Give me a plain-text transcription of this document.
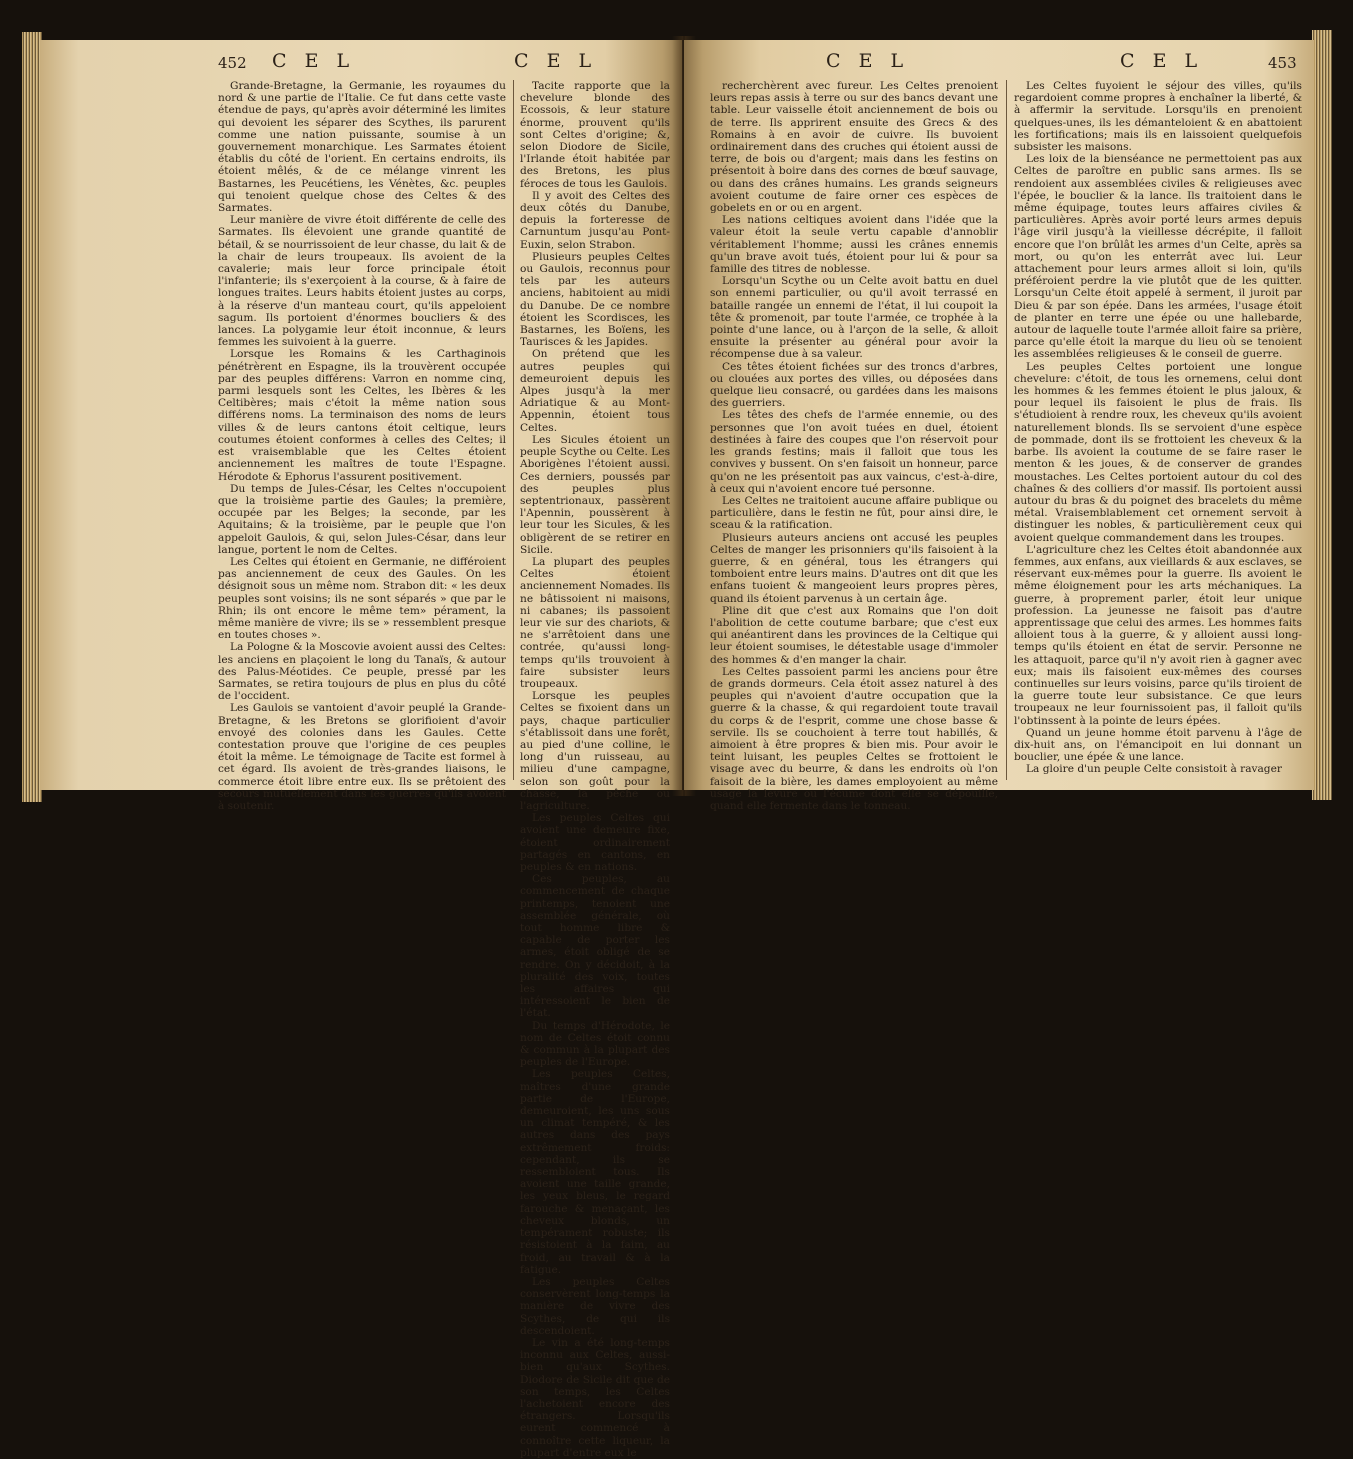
452 C E L	C E L

Grande-Bretagne, la Germanie, les royaumes du nord & une partie de l'Italie. Ce fut dans cette vaste étendue de pays, qu'après avoir déterminé les limites qui devoient les séparer des Scythes, ils parurent comme une nation puissante, soumise à un gouvernement monarchique. Les Sarmates étoient établis du côté de l'orient. En certains endroits, ils étoient mêlés, & de ce mélange vinrent les Bastarnes, les Peucétiens, les Vénètes, &c. peuples qui tenoient quelque chose des Celtes & des Sarmates.

Leur manière de vivre étoit différente de celle des Sarmates. Ils élevoient une grande quantité de bétail, & se nourrissoient de leur chasse, du lait & de la chair de leurs troupeaux. Ils avoient de la cavalerie; mais leur force principale étoit l'infanterie; ils s'exerçoient à la course, & à faire de longues traites. Leurs habits étoient justes au corps, à la réserve d'un manteau court, qu'ils appeloient sagum. Ils portoient d'énormes boucliers & des lances. La polygamie leur étoit inconnue, & leurs femmes les suivoient à la guerre.

Lorsque les Romains & les Carthaginois pénétrèrent en Espagne, ils la trouvèrent occupée par des peuples différens: Varron en nomme cinq, parmi lesquels sont les Celtes, les Ibères & les Celtibères; mais c'étoit la même nation sous différens noms. La terminaison des noms de leurs villes & de leurs cantons étoit celtique, leurs coutumes étoient conformes à celles des Celtes; il est vraisemblable que les Celtes étoient anciennement les maîtres de toute l'Espagne. Hérodote & Ephorus l'assurent positivement.

Du temps de Jules-César, les Celtes n'occupoient que la troisième partie des Gaules; la première, occupée par les Belges; la seconde, par les Aquitains; & la troisième, par le peuple que l'on appeloit Gaulois, & qui, selon Jules-César, dans leur langue, portent le nom de Celtes.

Les Celtes qui étoient en Germanie, ne différoient pas anciennement de ceux des Gaules. On les désignoit sous un même nom. Strabon dit: « les deux peuples sont voisins; ils ne sont séparés » que par le Rhin; ils ont encore le même tem» pérament, la même manière de vivre; ils se » ressemblent presque en toutes choses ».

La Pologne & la Moscovie avoient aussi des Celtes: les anciens en plaçoient le long du Tanaïs, & autour des Palus-Méotides. Ce peuple, pressé par les Sarmates, se retira toujours de plus en plus du côté de l'occident.

Les Gaulois se vantoient d'avoir peuplé la Grande-Bretagne, & les Bretons se glorifioient d'avoir envoyé des colonies dans les Gaules. Cette contestation prouve que l'origine de ces peuples étoit la même. Le témoignage de Tacite est formel à cet égard. Ils avoient de très-grandes liaisons, le commerce étoit libre entre eux. Ils se prêtoient des secours mutuellement dans les guerres qu'ils avoient à soutenir.

Tacite rapporte que la chevelure blonde des Ecossois, & leur stature énorme, prouvent qu'ils sont Celtes d'origine; &, selon Diodore de Sicile, l'Irlande étoit habitée par des Bretons, les plus féroces de tous les Gaulois.

Il y avoit des Celtes des deux côtés du Danube, depuis la forteresse de Carnuntum jusqu'au Pont-Euxin, selon Strabon.

Plusieurs peuples Celtes ou Gaulois, reconnus pour tels par les auteurs anciens, habitoient au midi du Danube. De ce nombre étoient les Scordisces, les Bastarnes, les Boïens, les Taurisces & les Japides.

On prétend que les autres peuples qui demeuroient depuis les Alpes jusqu'à la mer Adriatique & au Mont-Appennin, étoient tous Celtes.

Les Sicules étoient un peuple Scythe ou Celte. Les Aborigènes l'étoient aussi. Ces derniers, poussés par des peuples plus septentrionaux, passèrent l'Apennin, poussèrent à leur tour les Sicules, & les obligèrent de se retirer en Sicile.

La plupart des peuples Celtes étoient anciennement Nomades. Ils ne bâtissoient ni maisons, ni cabanes; ils passoient leur vie sur des chariots, & ne s'arrêtoient dans une contrée, qu'aussi long-temps qu'ils trouvoient à faire subsister leurs troupeaux.

Lorsque les peuples Celtes se fixoient dans un pays, chaque particulier s'établissoit dans une forêt, au pied d'une colline, le long d'un ruisseau, au milieu d'une campagne, selon son goût pour la chasse, la pêche ou l'agriculture.

Les peuples Celtes qui avoient une demeure fixe, étoient ordinairement partagés en cantons, en peuples & en nations.

Ces peuples, au commencement de chaque printemps, tenoient une assemblée générale, où tout homme libre & capable de porter les armes, étoit obligé de se rendre. On y décidoit, à la pluralité des voix, toutes les affaires qui intéressoient le bien de l'état.

Du temps d'Hérodote, le nom de Celtes étoit connu & commun à la plupart des peuples de l'Europe.

Les peuples Celtes, maîtres d'une grande partie de l'Europe, demeuroient, les uns sous un climat tempéré, & les autres dans des pays extrêmement froids: cependant, ils se ressembloient tous. Ils avoient une taille grande, les yeux bleus, le regard farouche & menaçant, les cheveux blonds, un tempérament robuste; ils résistoient à la faim, au froid, au travail & à la fatigue.

Les peuples Celtes conservèrent long-temps la manière de vivre des Scythes, de qui ils descendoient.

Le vin a été long-temps inconnu aux Celtes, aussi-bien qu'aux Scythes. Diodore de Sicile dit que de son temps, les Celtes l'achetoient encore des étrangers. Lorsqu'ils eurent commencé à connoître cette liqueur, la plupart d'entre eux le

C E L	C E L	453

recherchèrent avec fureur. Les Celtes prenoient leurs repas assis à terre ou sur des bancs devant une table. Leur vaisselle étoit anciennement de bois ou de terre. Ils apprirent ensuite des Grecs & des Romains à en avoir de cuivre. Ils buvoient ordinairement dans des cruches qui étoient aussi de terre, de bois ou d'argent; mais dans les festins on présentoit à boire dans des cornes de bœuf sauvage, ou dans des crânes humains. Les grands seigneurs avoient coutume de faire orner ces espèces de gobelets en or ou en argent.

Les nations celtiques avoient dans l'idée que la valeur étoit la seule vertu capable d'annoblir véritablement l'homme; aussi les crânes ennemis qu'un brave avoit tués, étoient pour lui & pour sa famille des titres de noblesse.

Lorsqu'un Scythe ou un Celte avoit battu en duel son ennemi particulier, ou qu'il avoit terrassé en bataille rangée un ennemi de l'état, il lui coupoit la tête & promenoit, par toute l'armée, ce trophée à la pointe d'une lance, ou à l'arçon de la selle, & alloit ensuite la présenter au général pour avoir la récompense due à sa valeur.

Ces têtes étoient fichées sur des troncs d'arbres, ou clouées aux portes des villes, ou déposées dans quelque lieu consacré, ou gardées dans les maisons des guerriers.

Les têtes des chefs de l'armée ennemie, ou des personnes que l'on avoit tuées en duel, étoient destinées à faire des coupes que l'on réservoit pour les grands festins; mais il falloit que tous les convives y bussent. On s'en faisoit un honneur, parce qu'on ne les présentoit pas aux vaincus, c'est-à-dire, à ceux qui n'avoient encore tué personne.

Les Celtes ne traitoient aucune affaire publique ou particulière, dans le festin ne fût, pour ainsi dire, le sceau & la ratification.

Plusieurs auteurs anciens ont accusé les peuples Celtes de manger les prisonniers qu'ils faisoient à la guerre, & en général, tous les étrangers qui tomboient entre leurs mains. D'autres ont dit que les enfans tuoient & mangeoient leurs propres pères, quand ils étoient parvenus à un certain âge.

Pline dit que c'est aux Romains que l'on doit l'abolition de cette coutume barbare; que c'est eux qui anéantirent dans les provinces de la Celtique qui leur étoient soumises, le détestable usage d'immoler des hommes & d'en manger la chair.

Les Celtes passoient parmi les anciens pour être de grands dormeurs. Cela étoit assez naturel à des peuples qui n'avoient d'autre occupation que la guerre & la chasse, & qui regardoient toute travail du corps & de l'esprit, comme une chose basse & servile. Ils se couchoient à terre tout habillés, & aimoient à être propres & bien mis. Pour avoir le teint luisant, les peuples Celtes se frottoient le visage avec du beurre, & dans les endroits où l'on faisoit de la bière, les dames employoient au même usage la levure ou l'écume dont elle se dépouille, quand elle fermente dans le tonneau.

Les Celtes fuyoient le séjour des villes, qu'ils regardoient comme propres à enchaîner la liberté, & à affermir la servitude. Lorsqu'ils en prenoient quelques-unes, ils les démanteloient & en abattoient les fortifications; mais ils en laissoient quelquefois subsister les maisons.

Les loix de la bienséance ne permettoient pas aux Celtes de paroître en public sans armes. Ils se rendoient aux assemblées civiles & religieuses avec l'épée, le bouclier & la lance. Ils traitoient dans le même équipage, toutes leurs affaires civiles & particulières. Après avoir porté leurs armes depuis l'âge viril jusqu'à la vieillesse décrépite, il falloit encore que l'on brûlât les armes d'un Celte, après sa mort, ou qu'on les enterrât avec lui. Leur attachement pour leurs armes alloit si loin, qu'ils préféroient perdre la vie plutôt que de les quitter. Lorsqu'un Celte étoit appelé à serment, il juroit par Dieu & par son épée. Dans les armées, l'usage étoit de planter en terre une épée ou une hallebarde, autour de laquelle toute l'armée alloit faire sa prière, parce qu'elle étoit la marque du lieu où se tenoient les assemblées religieuses & le conseil de guerre.

Les peuples Celtes portoient une longue chevelure: c'étoit, de tous les ornemens, celui dont les hommes & les femmes étoient le plus jaloux, & pour lequel ils faisoient le plus de frais. Ils s'étudioient à rendre roux, les cheveux qu'ils avoient naturellement blonds. Ils se servoient d'une espèce de pommade, dont ils se frottoient les cheveux & la barbe. Ils avoient la coutume de se faire raser le menton & les joues, & de conserver de grandes moustaches. Les Celtes portoient autour du col des chaînes & des colliers d'or massif. Ils portoient aussi autour du bras & du poignet des bracelets du même métal. Vraisemblablement cet ornement servoit à distinguer les nobles, & particulièrement ceux qui avoient quelque commandement dans les troupes.

L'agriculture chez les Celtes étoit abandonnée aux femmes, aux enfans, aux vieillards & aux esclaves, se réservant eux-mêmes pour la guerre. Ils avoient le même éloignement pour les arts méchaniques. La guerre, à proprement parler, étoit leur unique profession. La jeunesse ne faisoit pas d'autre apprentissage que celui des armes. Les hommes faits alloient tous à la guerre, & y alloient aussi long-temps qu'ils étoient en état de servir. Personne ne les attaquoit, parce qu'il n'y avoit rien à gagner avec eux; mais ils faisoient eux-mêmes des courses continuelles sur leurs voisins, parce qu'ils tiroient de la guerre toute leur subsistance. Ce que leurs troupeaux ne leur fournissoient pas, il falloit qu'ils l'obtinssent à la pointe de leurs épées.

Quand un jeune homme étoit parvenu à l'âge de dix-huit ans, on l'émancipoit en lui donnant un bouclier, une épée & une lance.

La gloire d'un peuple Celte consistoit à ravager
